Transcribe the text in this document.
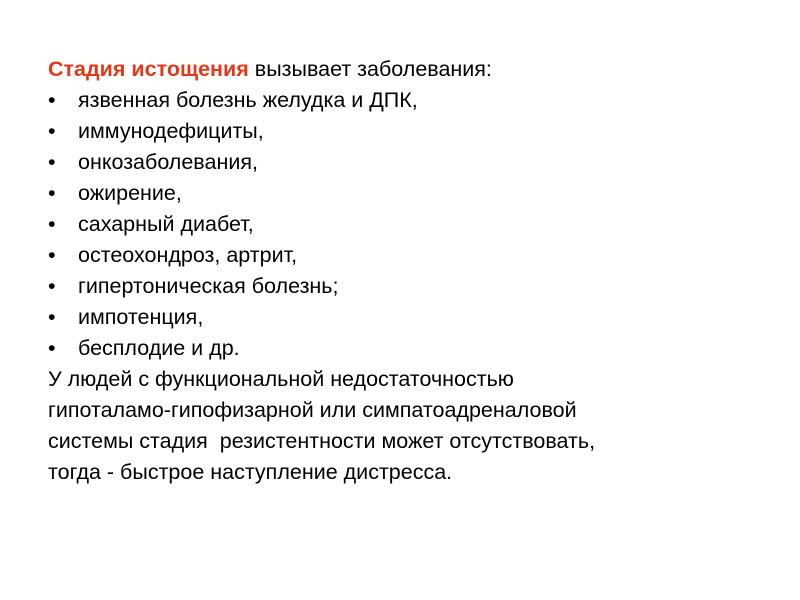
Стадия истощения вызывает заболевания:

•	язвенная болезнь желудка и ДПК,
•	иммунодефициты,
•	онкозаболевания,
•	ожирение,
•	сахарный диабет,
•	остеохондроз, артрит,
•	гипертоническая болезнь;
•	импотенция,
•	бесплодие и др.

У людей с функциональной недостаточностью
гипоталамо-гипофизарной или симпатоадреналовой
системы стадия  резистентности может отсутствовать,
тогда - быстрое наступление дистресса.
